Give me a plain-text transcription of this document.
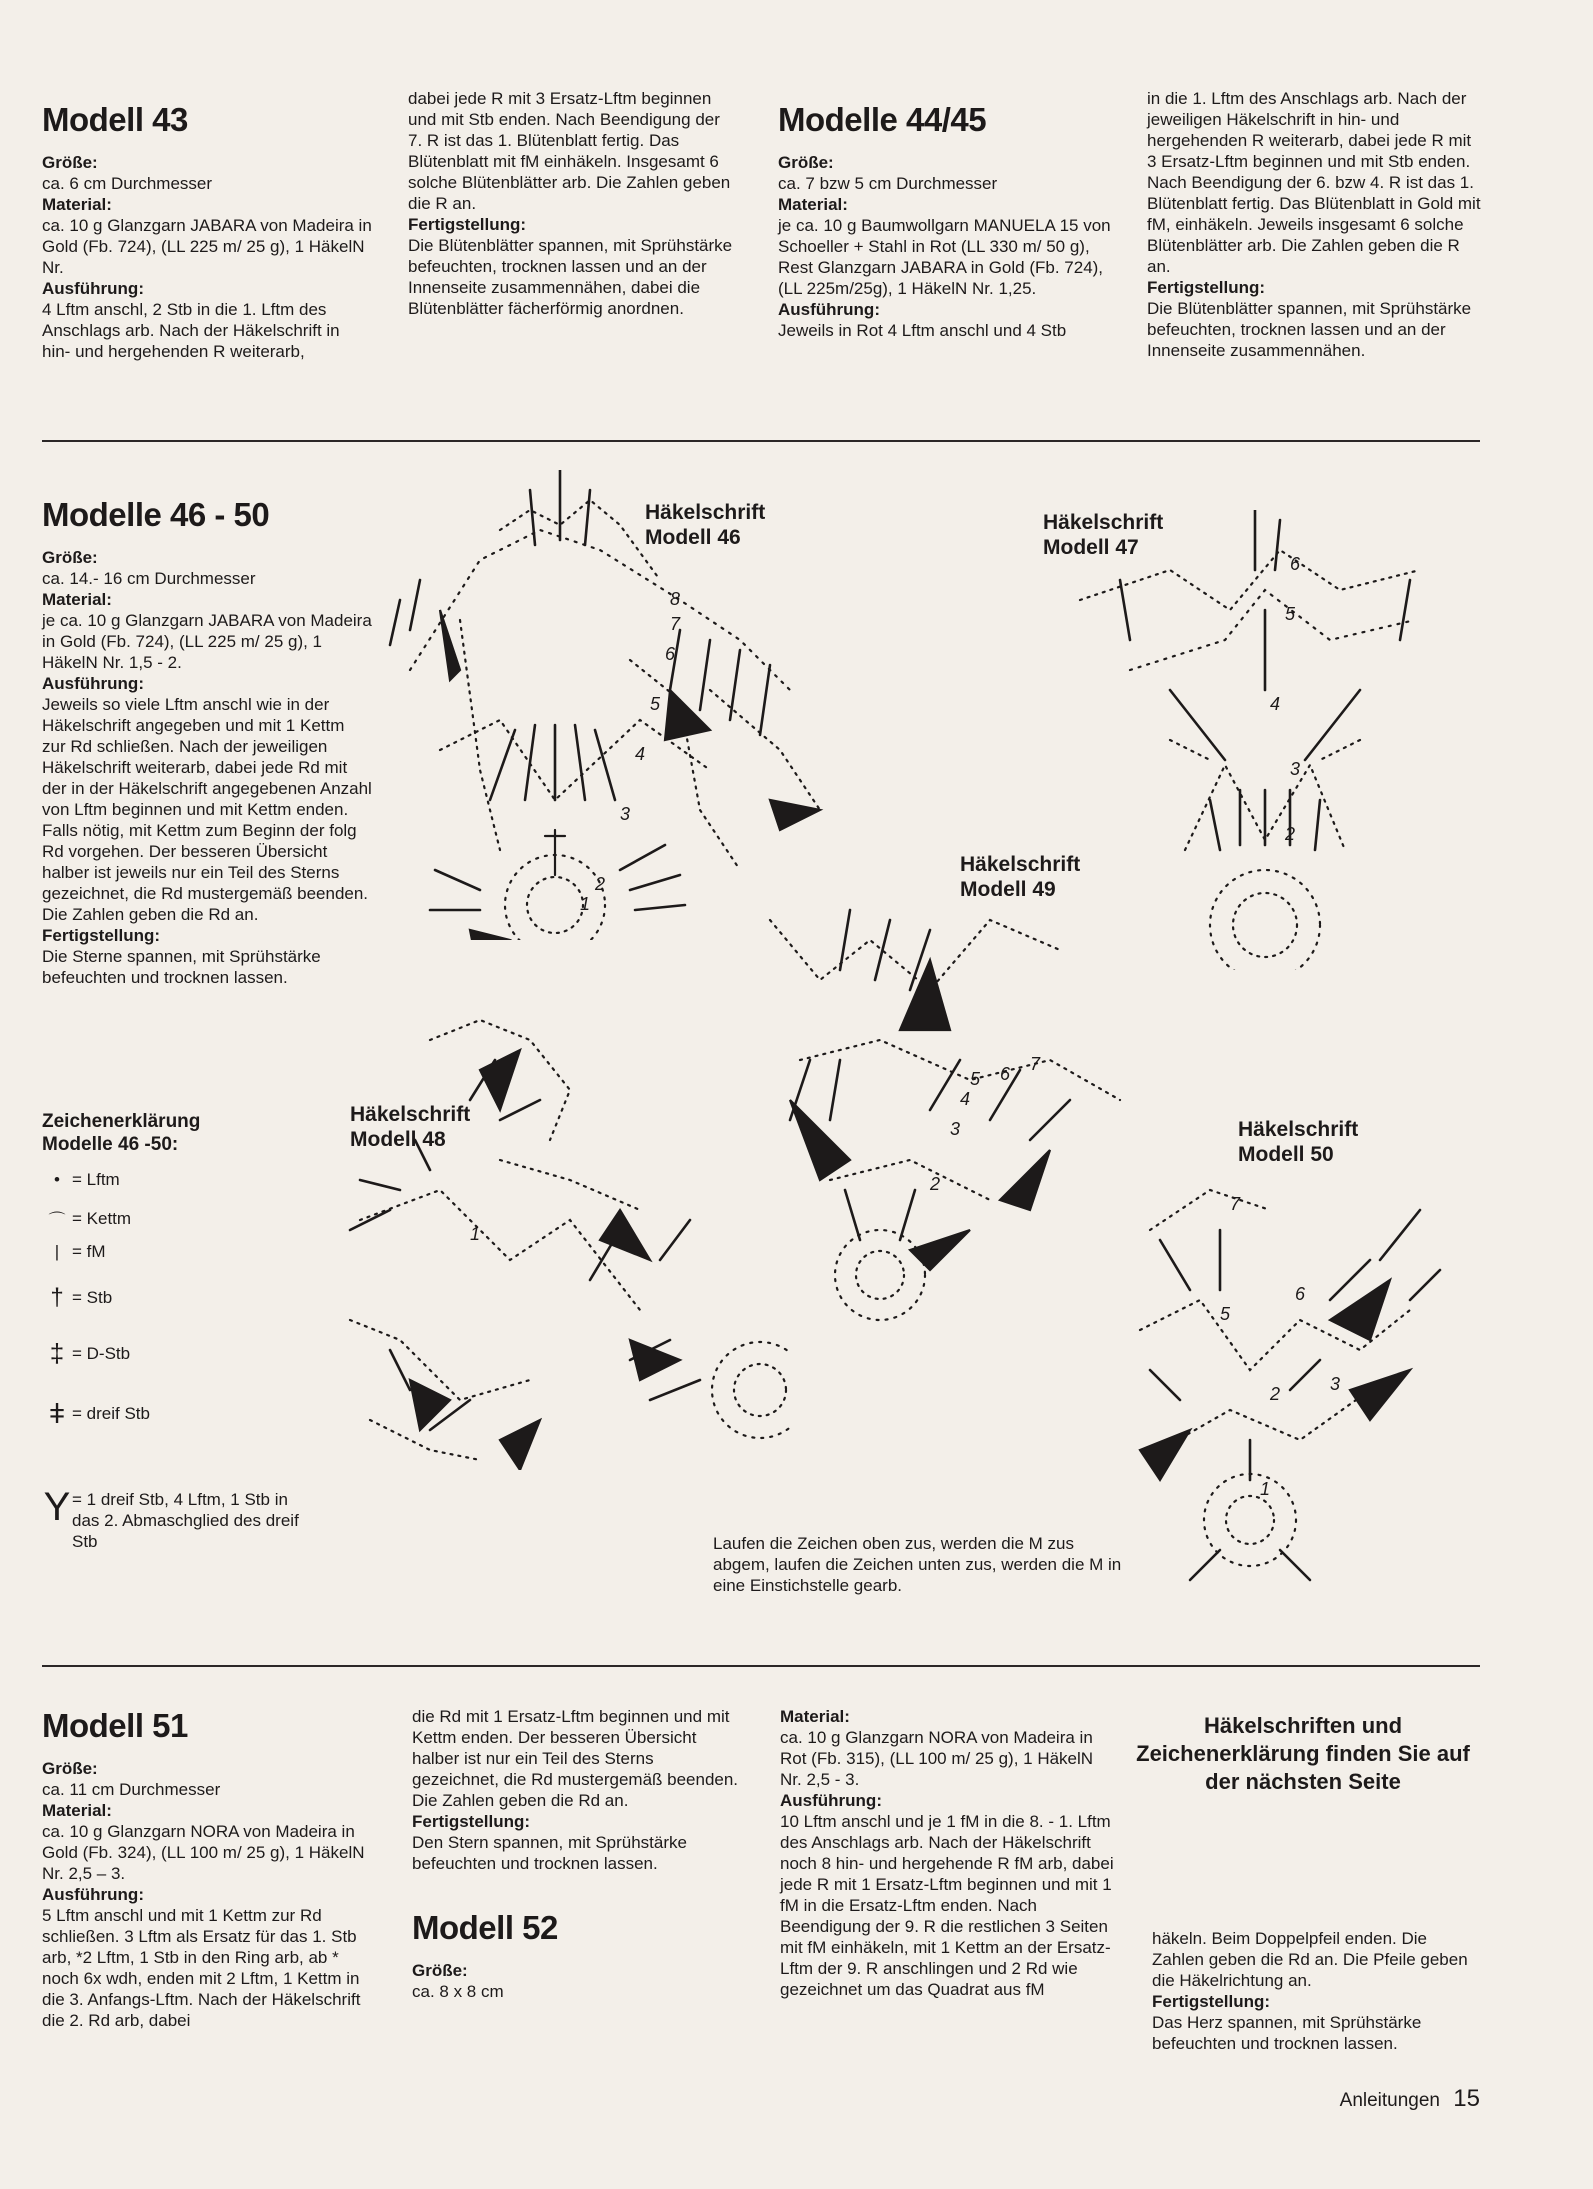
Modell 43
Größe:

ca. 6 cm Durchmesser

Material:

ca. 10 g Glanzgarn JABARA von Madeira in Gold (Fb. 724), (LL 225 m/ 25 g), 1 HäkelN Nr.

Ausführung:

4 Lftm anschl, 2 Stb in die 1. Lftm des Anschlags arb. Nach der Häkelschrift in hin- und hergehenden R weiterarb,

dabei jede R mit 3 Ersatz-Lftm beginnen und mit Stb enden. Nach Beendigung der 7. R ist das 1. Blütenblatt fertig. Das Blütenblatt mit fM einhäkeln. Insgesamt 6 solche Blütenblätter arb. Die Zahlen geben die R an.

Fertigstellung:

Die Blütenblätter spannen, mit Sprühstärke befeuchten, trocknen lassen und an der Innenseite zusammennähen, dabei die Blütenblätter fächerförmig anordnen.

Modelle 44/45
Größe:

ca. 7 bzw 5 cm Durchmesser

Material:

je ca. 10 g Baumwollgarn MANUELA 15 von Schoeller + Stahl in Rot (LL 330 m/ 50 g), Rest Glanzgarn JABARA in Gold (Fb. 724), (LL 225m/25g), 1 HäkelN Nr. 1,25.

Ausführung:

Jeweils in Rot 4 Lftm anschl und 4 Stb

in die 1. Lftm des Anschlags arb. Nach der jeweiligen Häkelschrift in hin- und hergehenden R weiterarb, dabei jede R mit 3 Ersatz-Lftm beginnen und mit Stb enden. Nach Beendigung der 6. bzw 4. R ist das 1. Blütenblatt fertig. Das Blütenblatt in Gold mit fM, einhäkeln. Jeweils insgesamt 6 solche Blütenblätter arb. Die Zahlen geben die R an.

Fertigstellung:

Die Blütenblätter spannen, mit Sprühstärke befeuchten, trocknen lassen und an der Innenseite zusammennähen.

Modelle 46 - 50
Größe:

ca. 14.- 16 cm Durchmesser

Material:

je ca. 10 g Glanzgarn JABARA von Madeira in Gold (Fb. 724), (LL 225 m/ 25 g), 1 HäkelN Nr. 1,5 - 2.

Ausführung:

Jeweils so viele Lftm anschl wie in der Häkelschrift angegeben und mit 1 Kettm zur Rd schließen. Nach der jeweiligen Häkelschrift weiterarb, dabei jede Rd mit der in der Häkelschrift angegebenen Anzahl von Lftm beginnen und mit Kettm enden. Falls nötig, mit Kettm zum Beginn der folg Rd vorgehen. Der besseren Übersicht halber ist jeweils nur ein Teil des Sterns gezeichnet, die Rd mustergemäß beenden. Die Zahlen geben die Rd an.

Fertigstellung:

Die Sterne spannen, mit Sprühstärke befeuchten und trocknen lassen.

Zeichenerklärung
Modelle 46 -50:
• = Lftm
⌒ = Kettm
| = fM
† = Stb
‡ = D-Stb
ǂ = dreif Stb
Y = 1 dreif Stb, 4 Lftm, 1 Stb in das 2. Abmaschglied des dreif Stb
Häkelschrift
Modell 46
Häkelschrift
Modell 47
Häkelschrift
Modell 48
Häkelschrift
Modell 49
Häkelschrift
Modell 50
8
7
6
5
4
3
2
1
6
5
4
3
2
1
7
6
5
4
3
2
7
6
5
3
2
1
Laufen die Zeichen oben zus, werden die M zus abgem, laufen die Zeichen unten zus, werden die M in eine Einstichstelle gearb.
Modell 51
Größe:

ca. 11 cm Durchmesser

Material:

ca. 10 g Glanzgarn NORA von Madeira in Gold (Fb. 324), (LL 100 m/ 25 g), 1 HäkelN Nr. 2,5 – 3.

Ausführung:

5 Lftm anschl und mit 1 Kettm zur Rd schließen. 3 Lftm als Ersatz für das 1. Stb arb, *2 Lftm, 1 Stb in den Ring arb, ab * noch 6x wdh, enden mit 2 Lftm, 1 Kettm in die 3. Anfangs-Lftm. Nach der Häkelschrift die 2. Rd arb, dabei

die Rd mit 1 Ersatz-Lftm beginnen und mit Kettm enden. Der besseren Übersicht halber ist nur ein Teil des Sterns gezeichnet, die Rd mustergemäß beenden. Die Zahlen geben die Rd an.

Fertigstellung:

Den Stern spannen, mit Sprühstärke befeuchten und trocknen lassen.

Modell 52
Größe:

ca. 8 x 8 cm

Material:

ca. 10 g Glanzgarn NORA von Madeira in Rot (Fb. 315), (LL 100 m/ 25 g), 1 HäkelN Nr. 2,5 - 3.

Ausführung:

10 Lftm anschl und je 1 fM in die 8. - 1. Lftm des Anschlags arb. Nach der Häkelschrift noch 8 hin- und hergehende R fM arb, dabei jede R mit 1 Ersatz-Lftm beginnen und mit 1 fM in die Ersatz-Lftm enden. Nach Beendigung der 9. R die restlichen 3 Seiten mit fM einhäkeln, mit 1 Kettm an der Ersatz-Lftm der 9. R anschlingen und 2 Rd wie gezeichnet um das Quadrat aus fM

Häkelschriften und Zeichenerklärung finden Sie auf der nächsten Seite

häkeln. Beim Doppelpfeil enden. Die Zahlen geben die Rd an. Die Pfeile geben die Häkelrichtung an.

Fertigstellung:

Das Herz spannen, mit Sprühstärke befeuchten und trocknen lassen.

Anleitungen 15
